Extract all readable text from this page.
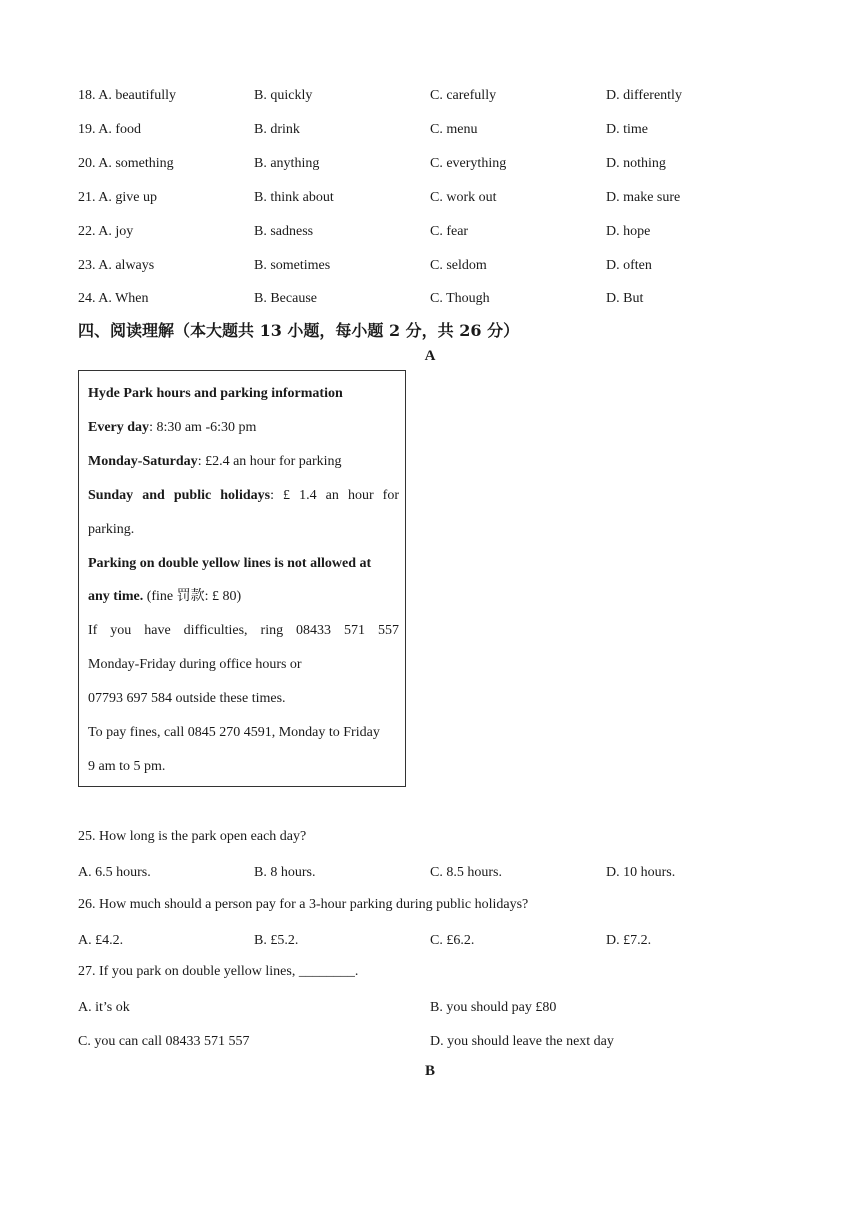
18. A. beautifully	B. quickly	C. carefully	D. differently
19. A. food	B. drink	C. menu	D. time
20. A. something	B. anything	C. everything	D. nothing
21. A. give up	B. think about	C. work out	D. make sure
22. A. joy	B. sadness	C. fear	D. hope
23. A. always	B. sometimes	C. seldom	D. often
24. A. When	B. Because	C. Though	D. But
四、阅读理解（本大题共 13 小题，每小题 2 分，共 26 分）
A
Hyde Park hours and parking information
Every day: 8:30 am -6:30 pm
Monday-Saturday: £2.4 an hour for parking
Sunday and public holidays: £ 1.4 an hour for
parking.
Parking on double yellow lines is not allowed at
any time. (fine 罚款: £ 80)
If you have difficulties, ring 08433 571 557
Monday-Friday during office hours or
07793 697 584 outside these times.
To pay fines, call 0845 270 4591, Monday to Friday
9 am to 5 pm.
25. How long is the park open each day?
A. 6.5 hours.	B. 8 hours.	C. 8.5 hours.	D. 10 hours.
26. How much should a person pay for a 3-hour parking during public holidays?
A. £4.2.	B. £5.2.	C. £6.2.	D. £7.2.
27. If you park on double yellow lines, ________.
A. it’s ok	B. you should pay £80
C. you can call 08433 571 557	D. you should leave the next day
B
